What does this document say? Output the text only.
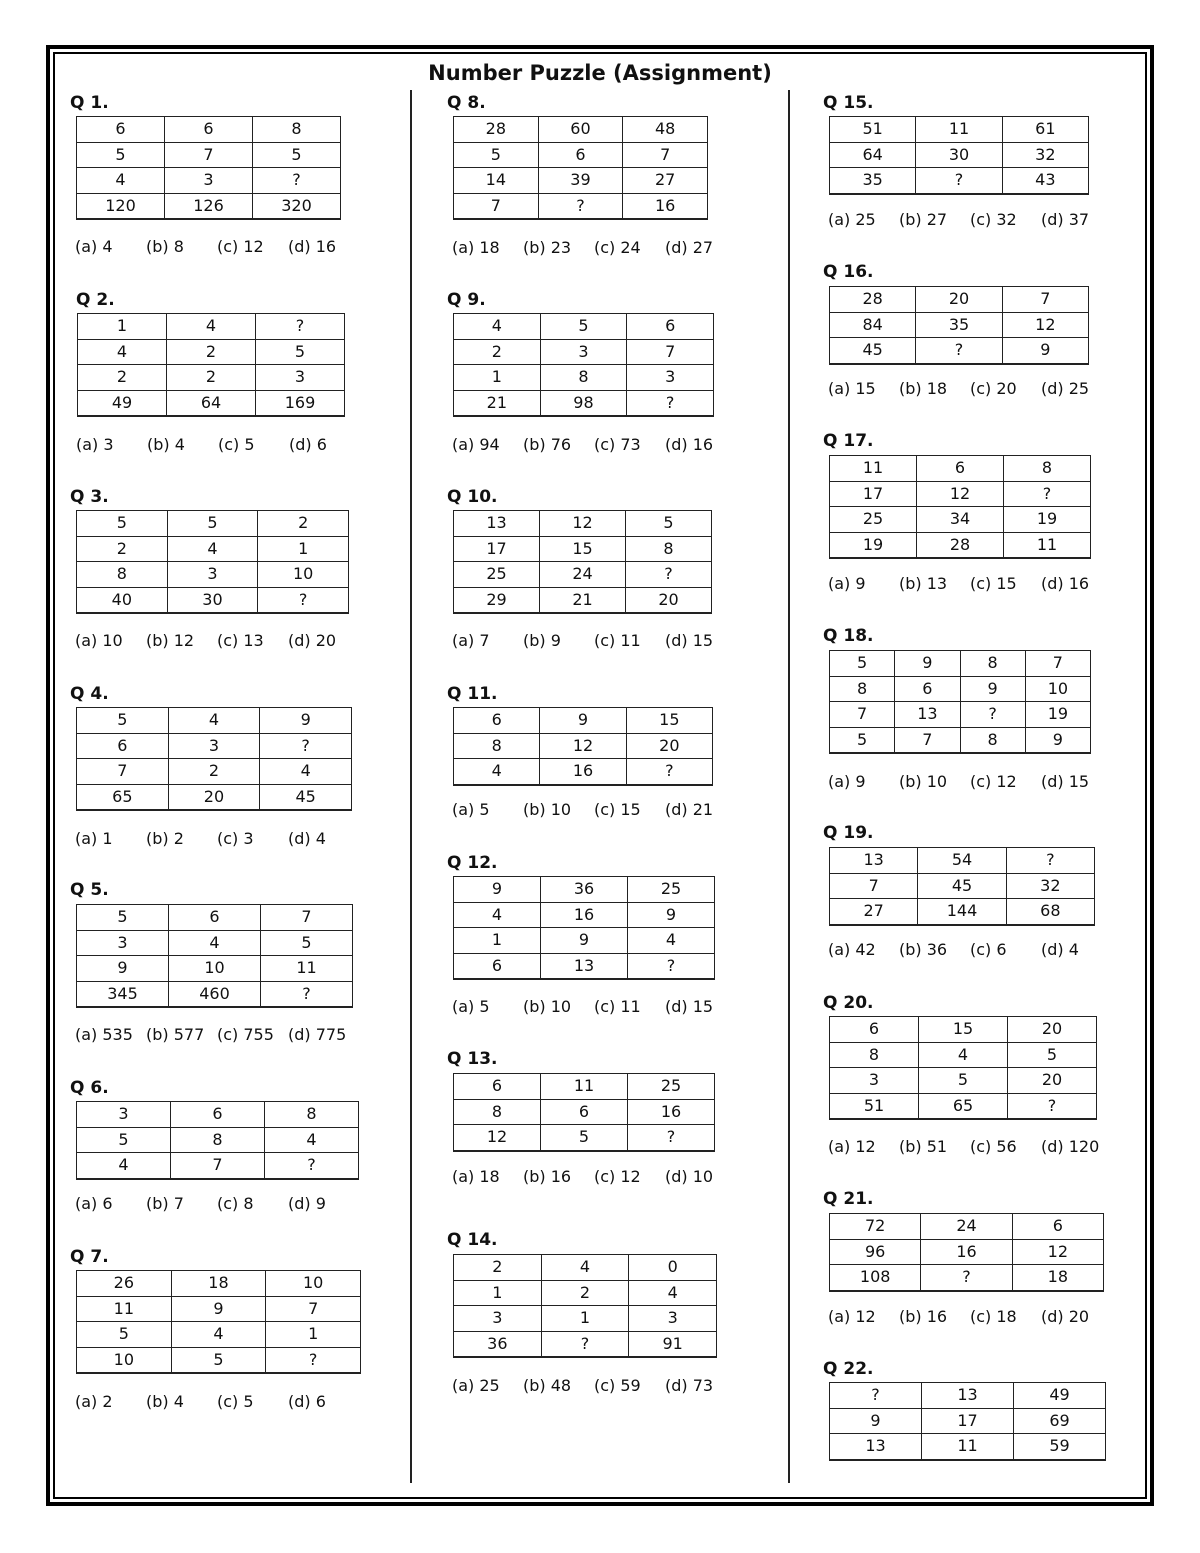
Number Puzzle (Assignment)
Q 1.
6	6	8
5	7	5
4	3	?
120	126	320
(a) 4	(b) 8	(c) 12	(d) 16
Q 2.
1	4	?
4	2	5
2	2	3
49	64	169
(a) 3	(b) 4	(c) 5	(d) 6
Q 3.
5	5	2
2	4	1
8	3	10
40	30	?
(a) 10	(b) 12	(c) 13	(d) 20
Q 4.
5	4	9
6	3	?
7	2	4
65	20	45
(a) 1	(b) 2	(c) 3	(d) 4
Q 5.
5	6	7
3	4	5
9	10	11
345	460	?
(a) 535 (b) 577 (c) 755 (d) 775
Q 6.
3	6	8
5	8	4
4	7	?
(a) 6	(b) 7	(c) 8	(d) 9
Q 7.
26	18	10
11	9	7
5	4	1
10	5	?
(a) 2	(b) 4	(c) 5	(d) 6
Q 8.
28	60	48
5	6	7
14	39	27
7	?	16
(a) 18	(b) 23	(c) 24	(d) 27
Q 9.
4	5	6
2	3	7
1	8	3
21	98	?
(a) 94	(b) 76	(c) 73	(d) 16
Q 10.
13	12	5
17	15	8
25	24	?
29	21	20
(a) 7	(b) 9	(c) 11	(d) 15
Q 11.
6	9	15
8	12	20
4	16	?
(a) 5	(b) 10	(c) 15	(d) 21
Q 12.
9	36	25
4	16	9
1	9	4
6	13	?
(a) 5	(b) 10	(c) 11	(d) 15
Q 13.
6	11	25
8	6	16
12	5	?
(a) 18	(b) 16	(c) 12	(d) 10
Q 14.
2	4	0
1	2	4
3	1	3
36	?	91
(a) 25	(b) 48	(c) 59	(d) 73
Q 15.
51	11	61
64	30	32
35	?	43
(a) 25	(b) 27	(c) 32	(d) 37
Q 16.
28	20	7
84	35	12
45	?	9
(a) 15	(b) 18	(c) 20	(d) 25
Q 17.
11	6	8
17	12	?
25	34	19
19	28	11
(a) 9	(b) 13	(c) 15	(d) 16
Q 18.
5	9	8	7
8	6	9	10
7	13	?	19
5	7	8	9
(a) 9	(b) 10	(c) 12	(d) 15
Q 19.
13	54	?
7	45	32
27	144	68
(a) 42	(b) 36	(c) 6	(d) 4
Q 20.
6	15	20
8	4	5
3	5	20
51	65	?
(a) 12	(b) 51	(c) 56	(d) 120
Q 21.
72	24	6
96	16	12
108	?	18
(a) 12	(b) 16	(c) 18	(d) 20
Q 22.
?	13	49
9	17	69
13	11	59
